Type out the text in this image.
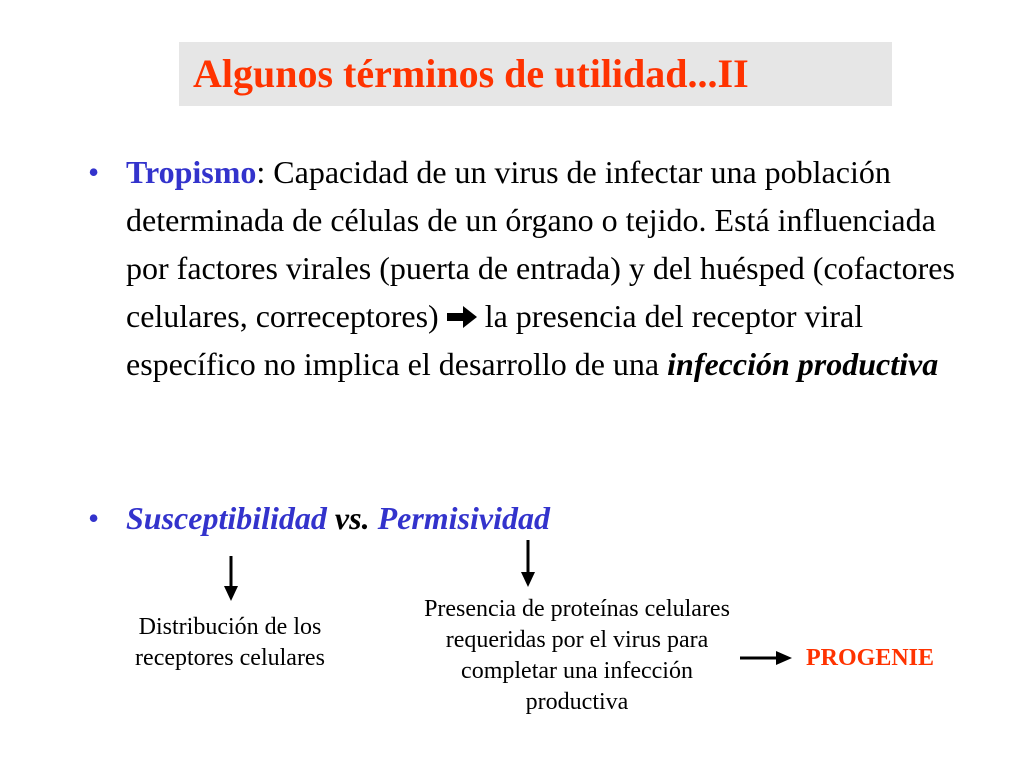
Algunos términos de utilidad...II
• Tropismo: Capacidad de un virus de infectar una población determinada de células de un órgano o tejido. Está influenciada por factores virales (puerta de entrada) y del huésped (cofactores celulares, correceptores) la presencia del receptor viral específico no implica el desarrollo de una infección productiva
• Susceptibilidad vs. Permisividad
Distribución de los receptores celulares
Presencia de proteínas celulares requeridas por el virus para completar una infección productiva
PROGENIE
